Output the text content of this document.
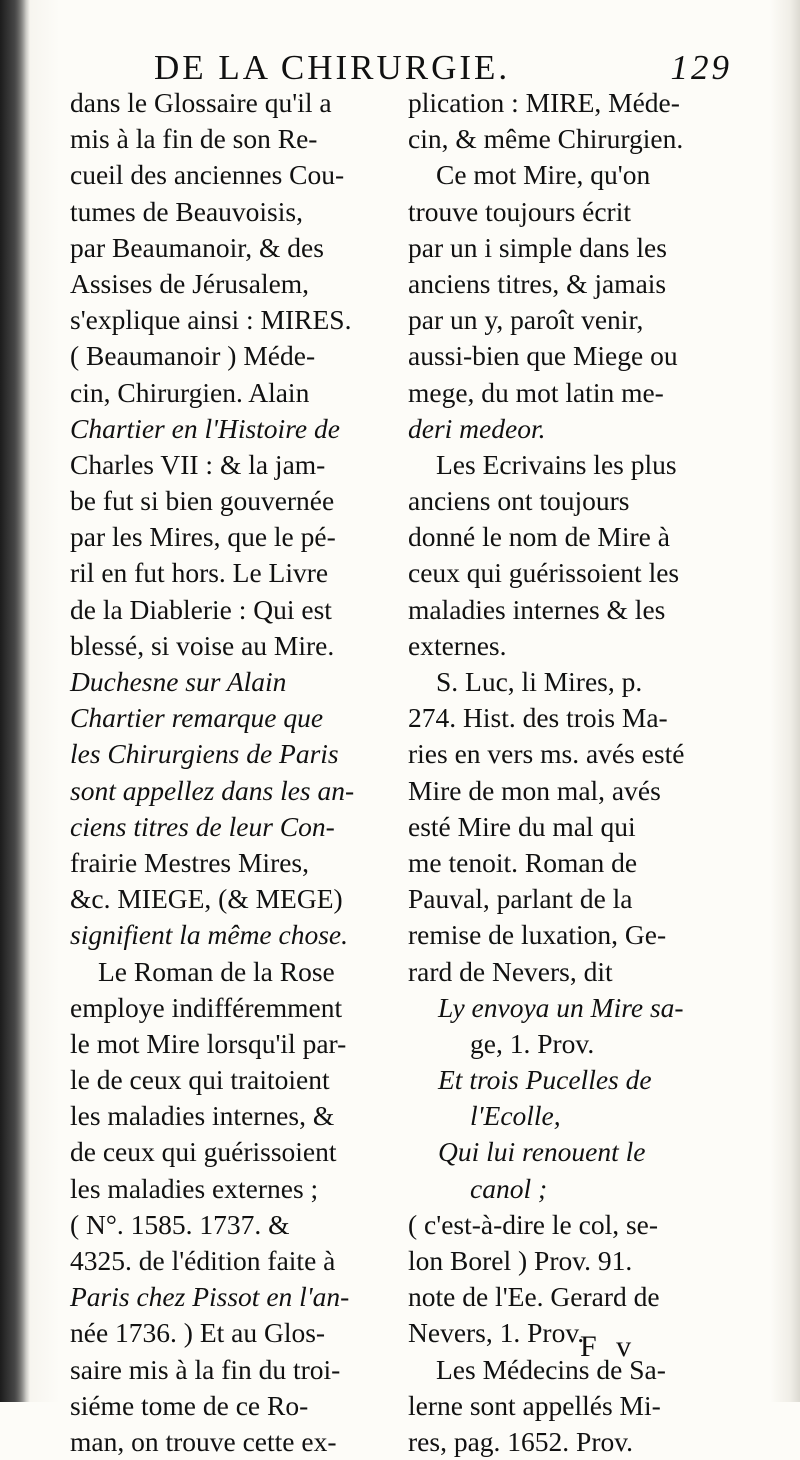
DE LA CHIRURGIE.	129
dans le Glossaire qu'il a
mis à la fin de son Re-
cueil des anciennes Cou-
tumes de Beauvoisis,
par Beaumanoir, & des
Assises de Jérusalem,
s'explique ainsi : MIRES.
( Beaumanoir ) Méde-
cin, Chirurgien. Alain
Chartier en l'Histoire de
Charles VII : & la jam-
be fut si bien gouvernée
par les Mires, que le pé-
ril en fut hors. Le Livre
de la Diablerie : Qui est
blessé, si voise au Mire.
Duchesne sur Alain
Chartier remarque que
les Chirurgiens de Paris
sont appellez dans les an-
ciens titres de leur Con-
frairie Mestres Mires,
&c. MIEGE, (& MEGE)
signifient la même chose.
Le Roman de la Rose
employe indifféremment
le mot Mire lorsqu'il par-
le de ceux qui traitoient
les maladies internes, &
de ceux qui guérissoient
les maladies externes ;
( N°. 1585. 1737. &
4325. de l'édition faite à
Paris chez Pissot en l'an-
née 1736. ) Et au Glos-
saire mis à la fin du troi-
siéme tome de ce Ro-
man, on trouve cette ex-
plication : MIRE, Méde-
cin, & même Chirurgien.
Ce mot Mire, qu'on
trouve toujours écrit
par un i simple dans les
anciens titres, & jamais
par un y, paroît venir,
aussi-bien que Miege ou
mege, du mot latin me-
deri medeor.
Les Ecrivains les plus
anciens ont toujours
donné le nom de Mire à
ceux qui guérissoient les
maladies internes & les
externes.
S. Luc, li Mires, p.
274. Hist. des trois Ma-
ries en vers ms. avés esté
Mire de mon mal, avés
esté Mire du mal qui
me tenoit. Roman de
Pauval, parlant de la
remise de luxation, Ge-
rard de Nevers, dit
Ly envoya un Mire sa-
ge, 1. Prov.
Et trois Pucelles de
l'Ecolle,
Qui lui renouent le
canol ;
( c'est-à-dire le col, se-
lon Borel ) Prov. 91.
note de l'Ee. Gerard de
Nevers, 1. Prov.
Les Médecins de Sa-
lerne sont appellés Mi-
res, pag. 1652. Prov.
F v
